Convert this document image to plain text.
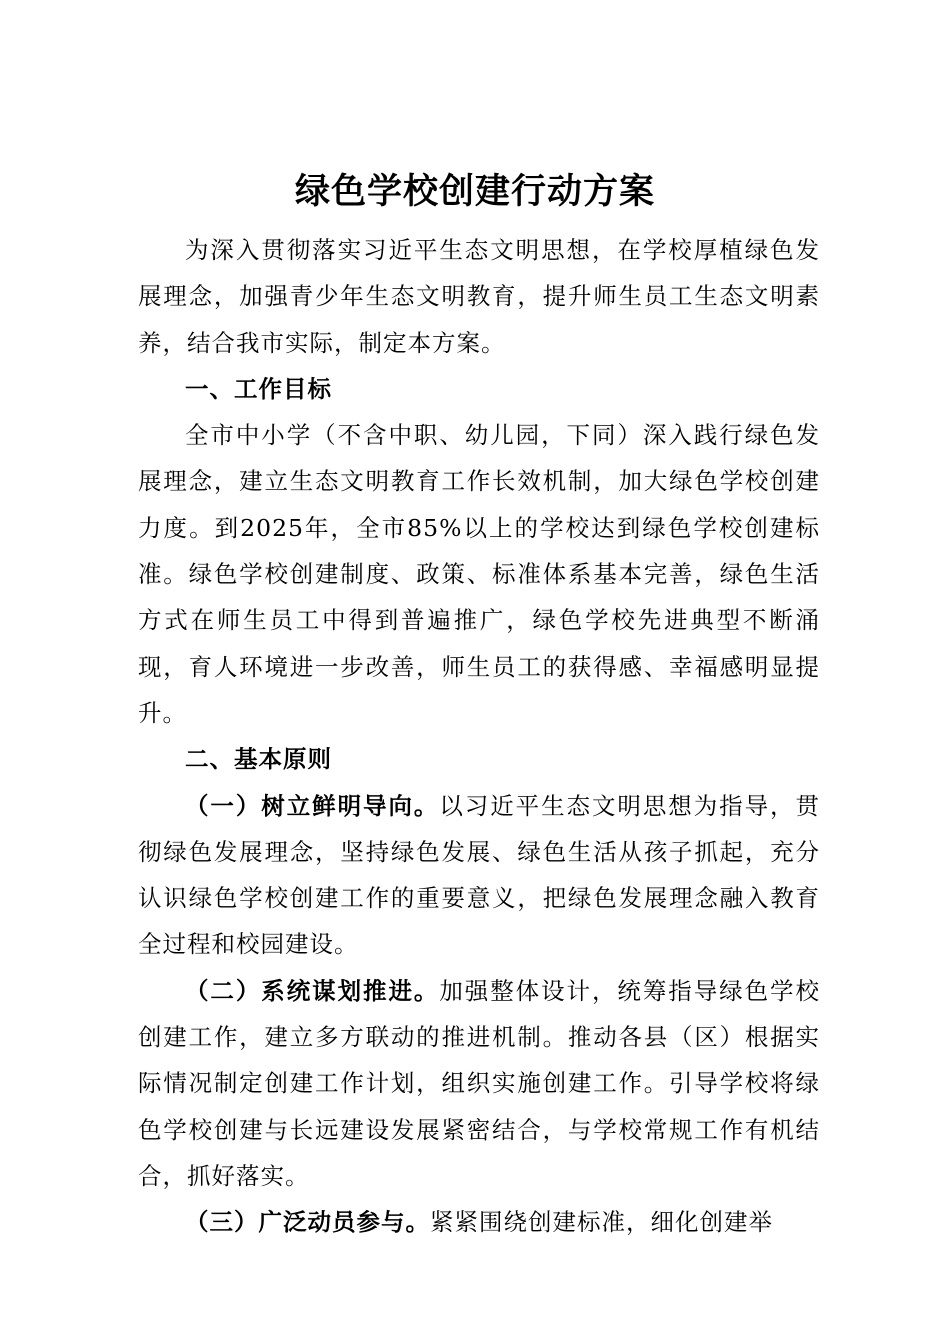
绿色学校创建行动方案

为深入贯彻落实习近平生态文明思想，在学校厚植绿色发展理念，加强青少年生态文明教育，提升师生员工生态文明素养，结合我市实际，制定本方案。

一、工作目标

全市中小学（不含中职、幼儿园，下同）深入践行绿色发展理念，建立生态文明教育工作长效机制，加大绿色学校创建力度。到2025年，全市85%以上的学校达到绿色学校创建标准。绿色学校创建制度、政策、标准体系基本完善，绿色生活方式在师生员工中得到普遍推广，绿色学校先进典型不断涌现，育人环境进一步改善，师生员工的获得感、幸福感明显提升。

二、基本原则

（一）树立鲜明导向。以习近平生态文明思想为指导，贯彻绿色发展理念，坚持绿色发展、绿色生活从孩子抓起，充分认识绿色学校创建工作的重要意义，把绿色发展理念融入教育全过程和校园建设。

（二）系统谋划推进。加强整体设计，统筹指导绿色学校创建工作，建立多方联动的推进机制。推动各县（区）根据实际情况制定创建工作计划，组织实施创建工作。引导学校将绿色学校创建与长远建设发展紧密结合，与学校常规工作有机结合，抓好落实。

（三）广泛动员参与。紧紧围绕创建标准，细化创建举
